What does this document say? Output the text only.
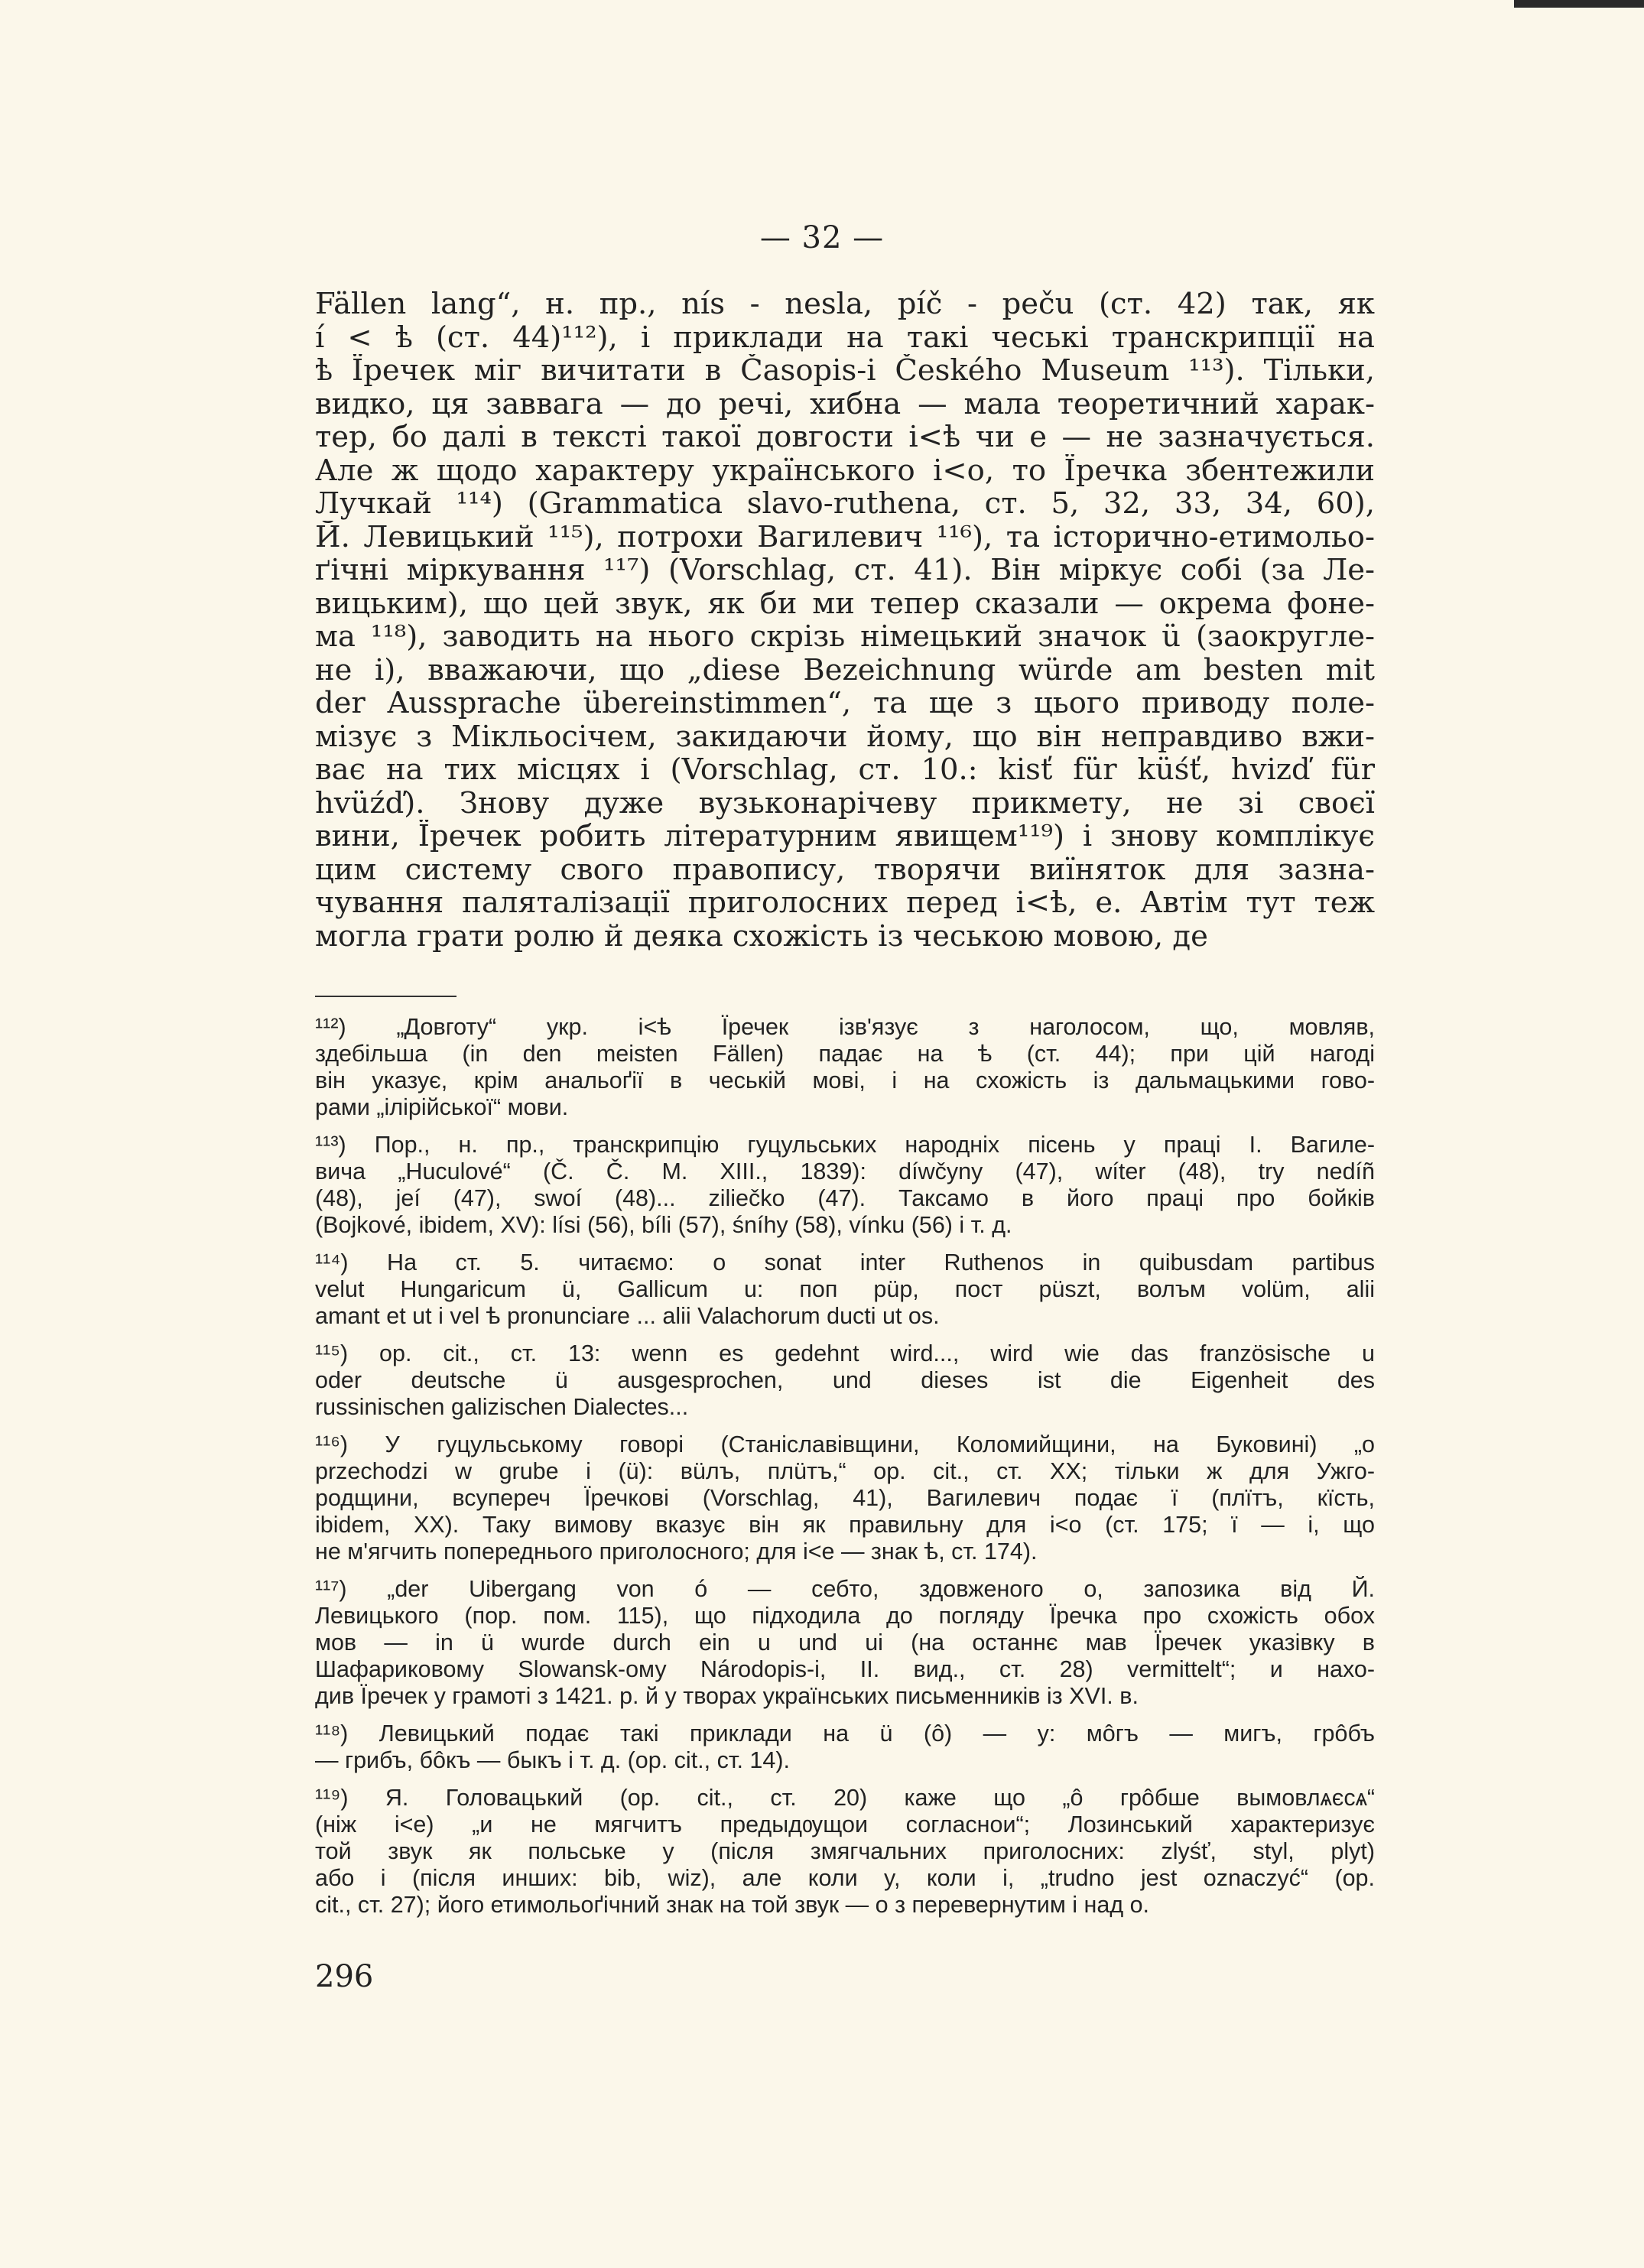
— 32 —
Fällen lang“, н. пр., nís - nesla, píč - peču (ст. 42) так, як
í < ѣ (ст. 44)¹¹²), і приклади на такі чеські транскрипції на
ѣ Їречек міг вичитати в Časopis-і Českého Museum ¹¹³). Тільки,
видко, ця заввага — до речі, хибна — мала теоретичний харак-
тер, бо далі в тексті такої довгости і<ѣ чи е — не зазначується.
Але ж щодо характеру українського і<о, то Їречка збентежили
Лучкай ¹¹⁴) (Grammatica slavo-ruthena, ст. 5, 32, 33, 34, 60),
Й. Левицький ¹¹⁵), потрохи Вагилевич ¹¹⁶), та історично-етимольо-
ґічні міркування ¹¹⁷) (Vorschlag, ст. 41). Він міркує собі (за Ле-
вицьким), що цей звук, як би ми тепер сказали — окрема фоне-
ма ¹¹⁸), заводить на нього скрізь німецький значок ü (заокругле-
не і), вважаючи, що „diese Bezeichnung würde am besten mit
der Aussprache übereinstimmen“, та ще з цього приводу поле-
мізує з Мікльосічем, закидаючи йому, що він неправдиво вжи-
ває на тих місцях і (Vorschlag, ст. 10.: kisť für küśť, hvizď für
hvüźď). Знову дуже вузьконарічеву прикмету, не зі своєї
вини, Їречек робить літературним явищем¹¹⁹) і знову комплікує
цим систему свого правопису, творячи виїняток для зазна-
чування паляталізації приголосних перед і<ѣ, е. Автім тут теж
могла грати ролю й деяка схожість із чеською мовою, де
¹¹²) „Довготу“ укр. і<ѣ Їречек ізв'язує з наголосом, що, мовляв,
здебільша (in den meisten Fällen) падає на ѣ (ст. 44); при цій нагоді
він указує, крім анальоґії в чеській мові, і на схожість із дальмацькими гово-
рами „ілірійської“ мови.
¹¹³) Пор., н. пр., транскрипцію гуцульських народніх пісень у праці І. Вагиле-
вича „Huculové“ (Č. Č. M. XIII., 1839): díwčyny (47), wíter (48), try nedíñ
(48), jeí (47), swoí (48)... ziliečko (47). Таксамо в його праці про бойків
(Bojkové, ibidem, XV): lísi (56), bíli (57), śníhy (58), vínku (56) і т. д.
¹¹⁴) На ст. 5. читаємо: o sonat inter Ruthenos in quibusdam partibus
velut Hungaricum ü, Gallicum u: поп püp, пост püszt, волъм volüm, alii
amant et ut i vel ѣ pronunciare ... alii Valachorum ducti ut оѕ.
¹¹⁵) op. cit., ст. 13: wenn es gedehnt wird..., wird wie das französische u
oder deutsche ü ausgesprochen, und dieses ist die Eigenheit des
russinischen galizischen Dialectes...
¹¹⁶) У гуцульському говорі (Станіславівщини, Коломийщини, на Буковині) „o
przechodzi w grube i (ü): вüлъ, плüтъ,“ op. cit., ст. XX; тільки ж для Ужго-
родщини, всупереч Їречкові (Vorschlag, 41), Вагилевич подає ї (плїтъ, кїсть,
ibidem, XX). Таку вимову вказує він як правильну для і<о (ст. 175; ї — і, що
не м'ягчить попереднього приголосного; для і<е — знак ѣ, ст. 174).
¹¹⁷) „der Uibergang von ó — себто, здовженого о, запозика від Й.
Левицького (пор. пом. 115), що підходила до погляду Їречка про схожість обох
мов — in ü wurde durch ein u und ui (на останнє мав Їречек указівку в
Шафариковому Slowansk-ому Národopis-і, II. вид., ст. 28) vermittelt“; и нахо-
див Їречек у грамоті з 1421. р. й у творах українських письменників із XVI. в.
¹¹⁸) Левицький подає такі приклади на ü (ô) — у: мôгъ — мигъ, грôбъ
— грибъ, бôкъ — быкъ і т. д. (op. cit., ст. 14).
¹¹⁹) Я. Головацький (op. cit., ст. 20) каже що „ô грôбше вымовлѧєсѧ“
(ніж і<е) „и не мягчитъ предыдѹщои согласнои“; Лозинський характеризує
той звук як польське y (після змягчальних приголосних: zlyśť, styl, plyt)
або і (після инших: bib, wiz), але коли y, коли і, „trudno jest oznaczyć“ (op.
cit., ст. 27); його етимольоґічний знак на той звук — о з перевернутим і над о.
296
